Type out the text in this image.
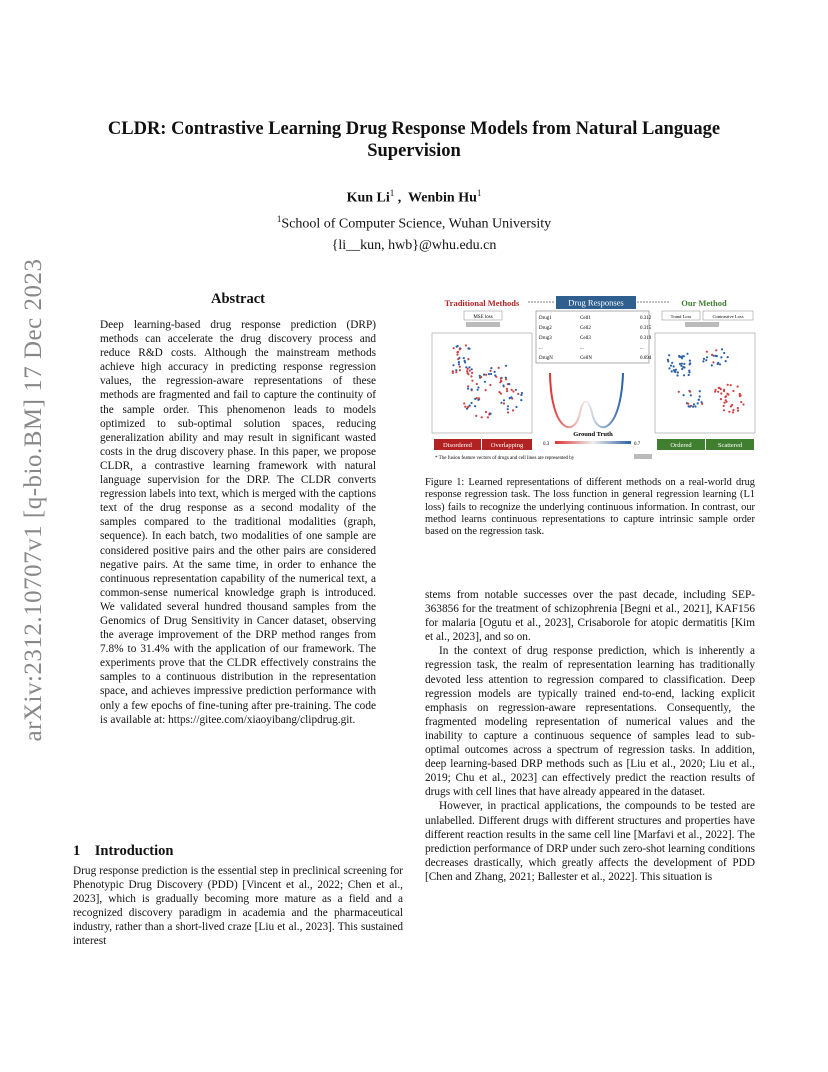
CLDR: Contrastive Learning Drug Response Models from Natural Language Supervision
Kun Li$^1$ ,  Wenbin Hu$^1$
$^1$School of Computer Science, Wuhan University
{li__kun, hwb}@whu.edu.cn
arXiv:2312.10707v1 [q-bio.BM] 17 Dec 2023	Abstract
Deep learning-based drug response prediction (DRP) methods can accelerate the drug discovery process and reduce R&D costs. Although the mainstream methods achieve high accuracy in predicting response regression values, the regression-aware representations of these methods are fragmented and fail to capture the continuity of the sample order. This phenomenon leads to models optimized to sub-optimal solution spaces, reducing generalization ability and may result in significant wasted costs in the drug discovery phase. In this paper, we propose CLDR, a contrastive learning framework with natural language supervision for the DRP. The CLDR converts regression labels into text, which is merged with the captions text of the drug response as a second modality of the samples compared to the traditional modalities (graph, sequence). In each batch, two modalities of one sample are considered positive pairs and the other pairs are considered negative pairs. At the same time, in order to enhance the continuous representation capability of the numerical text, a common-sense numerical knowledge graph is introduced. We validated several hundred thousand samples from the Genomics of Drug Sensitivity in Cancer dataset, observing the average improvement of the DRP method ranges from 7.8% to 31.4% with the application of our framework. The experiments prove that the CLDR effectively constrains the samples to a continuous distribution in the representation space, and achieves impressive prediction performance with only a few epochs of fine-tuning after pre-training. The code is available at: https://gitee.com/xiaoyibang/clipdrug.git.
1    Introduction
Drug response prediction is the essential step in preclinical screening for Phenotypic Drug Discovery (PDD) [Vincent et al., 2022; Chen et al., 2023], which is gradually becoming more mature as a field and a recognized discovery paradigm in academia and the pharmaceutical industry, rather than a short-lived craze [Liu et al., 2023]. This sustained interest
Traditional Methods	Drug Responses	Our Method
MSE loss	Drug1	Cell1	0.312
Drug2	Cell2	0.315
Drug3	Cell3	0.319
...	...	...
DrugN	CellN	0.694
Ground Truth
0.3	0.7
Trand Loss	Contrastive Loss
Disordered	Overlapping	Ordered	Scattered
* The fusion feature vectors of drugs and cell lines are represented by
Figure 1: Learned representations of different methods on a real-world drug response regression task. The loss function in general regression learning (L1 loss) fails to recognize the underlying continuous information. In contrast, our method learns continuous representations to capture intrinsic sample order based on the regression task.

stems from notable successes over the past decade, including SEP-363856 for the treatment of schizophrenia [Begni et al., 2021], KAF156 for malaria [Ogutu et al., 2023], Crisaborole for atopic dermatitis [Kim et al., 2023], and so on.

In the context of drug response prediction, which is inherently a regression task, the realm of representation learning has traditionally devoted less attention to regression compared to classification. Deep regression models are typically trained end-to-end, lacking explicit emphasis on regression-aware representations. Consequently, the fragmented modeling representation of numerical values and the inability to capture a continuous sequence of samples lead to sub-optimal outcomes across a spectrum of regression tasks. In addition, deep learning-based DRP methods such as [Liu et al., 2020; Liu et al., 2019; Chu et al., 2023] can effectively predict the reaction results of drugs with cell lines that have already appeared in the dataset.

However, in practical applications, the compounds to be tested are unlabelled. Different drugs with different structures and properties have different reaction results in the same cell line [Marfavi et al., 2022]. The prediction performance of DRP under such zero-shot learning conditions decreases drastically, which greatly affects the development of PDD [Chen and Zhang, 2021; Ballester et al., 2022]. This situation is
